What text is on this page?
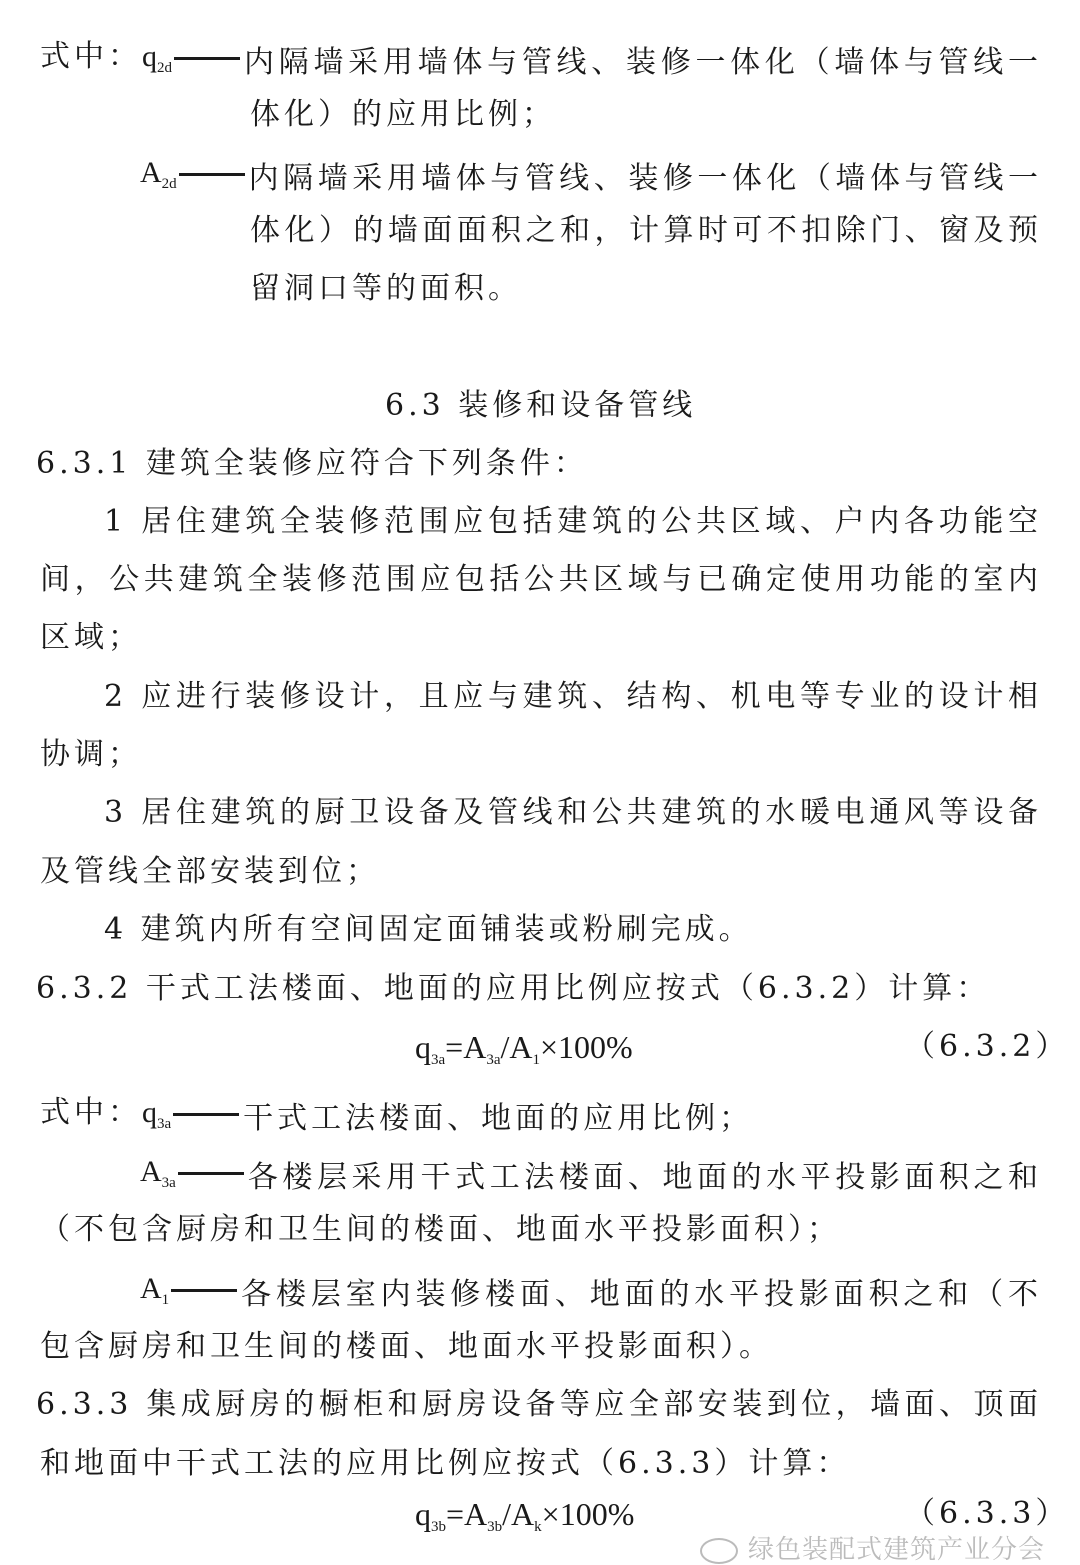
式中：$q_{2d}$	内隔墙采用墙体与管线、装修一体化（墙体与管线一
体化）的应用比例；
$A_{2d}$	内隔墙采用墙体与管线、装修一体化（墙体与管线一
体化）的墙面面积之和，计算时可不扣除门、窗及预
留洞口等的面积。
6.3 装修和设备管线
6.3.1 建筑全装修应符合下列条件：
1 居住建筑全装修范围应包括建筑的公共区域、户内各功能空
间，公共建筑全装修范围应包括公共区域与已确定使用功能的室内
区域；
2 应进行装修设计，且应与建筑、结构、机电等专业的设计相
协调；
3 居住建筑的厨卫设备及管线和公共建筑的水暖电通风等设备
及管线全部安装到位；
4 建筑内所有空间固定面铺装或粉刷完成。
6.3.2 干式工法楼面、地面的应用比例应按式（6.3.2）计算：
$q_{3a}=A_{3a}/A_1\times 100\%$	（6.3.2）
式中：$q_{3a}$	干式工法楼面、地面的应用比例；
$A_{3a}$	各楼层采用干式工法楼面、地面的水平投影面积之和
（不包含厨房和卫生间的楼面、地面水平投影面积）；
$A_1$	各楼层室内装修楼面、地面的水平投影面积之和（不
包含厨房和卫生间的楼面、地面水平投影面积）。
6.3.3 集成厨房的橱柜和厨房设备等应全部安装到位，墙面、顶面
和地面中干式工法的应用比例应按式（6.3.3）计算：
$q_{3b}=A_{3b}/A_k\times 100\%$	（6.3.3）
绿色装配式建筑产业分会
